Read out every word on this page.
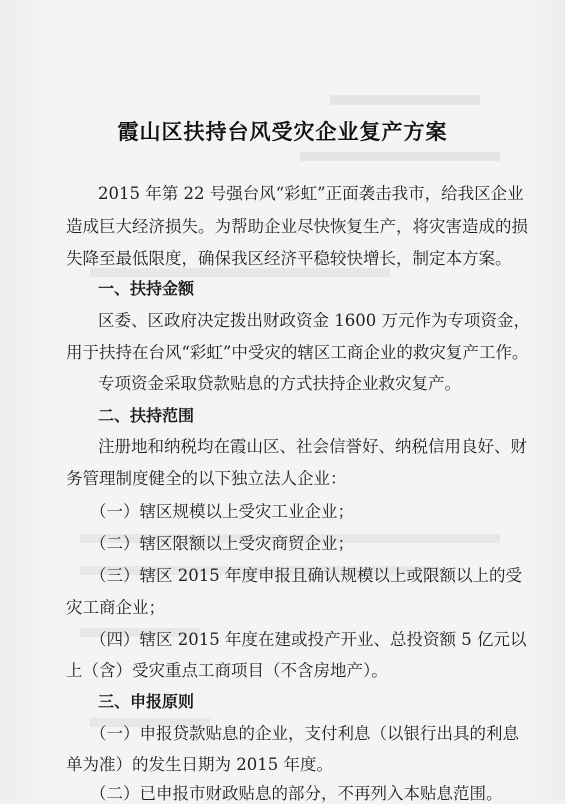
霞山区扶持台风受灾企业复产方案
2015 年第 22 号强台风“彩虹”正面袭击我市，给我区企业
造成巨大经济损失。为帮助企业尽快恢复生产，将灾害造成的损
失降至最低限度，确保我区经济平稳较快增长，制定本方案。
一、扶持金额
区委、区政府决定拨出财政资金 1600 万元作为专项资金，
用于扶持在台风“彩虹”中受灾的辖区工商企业的救灾复产工作。
专项资金采取贷款贴息的方式扶持企业救灾复产。
二、扶持范围
注册地和纳税均在霞山区、社会信誉好、纳税信用良好、财
务管理制度健全的以下独立法人企业：
（一）辖区规模以上受灾工业企业；
（二）辖区限额以上受灾商贸企业；
（三）辖区 2015 年度申报且确认规模以上或限额以上的受
灾工商企业；
（四）辖区 2015 年度在建或投产开业、总投资额 5 亿元以
上（含）受灾重点工商项目（不含房地产）。
三、申报原则
（一）申报贷款贴息的企业，支付利息（以银行出具的利息
单为准）的发生日期为 2015 年度。
（二）已申报市财政贴息的部分，不再列入本贴息范围。
